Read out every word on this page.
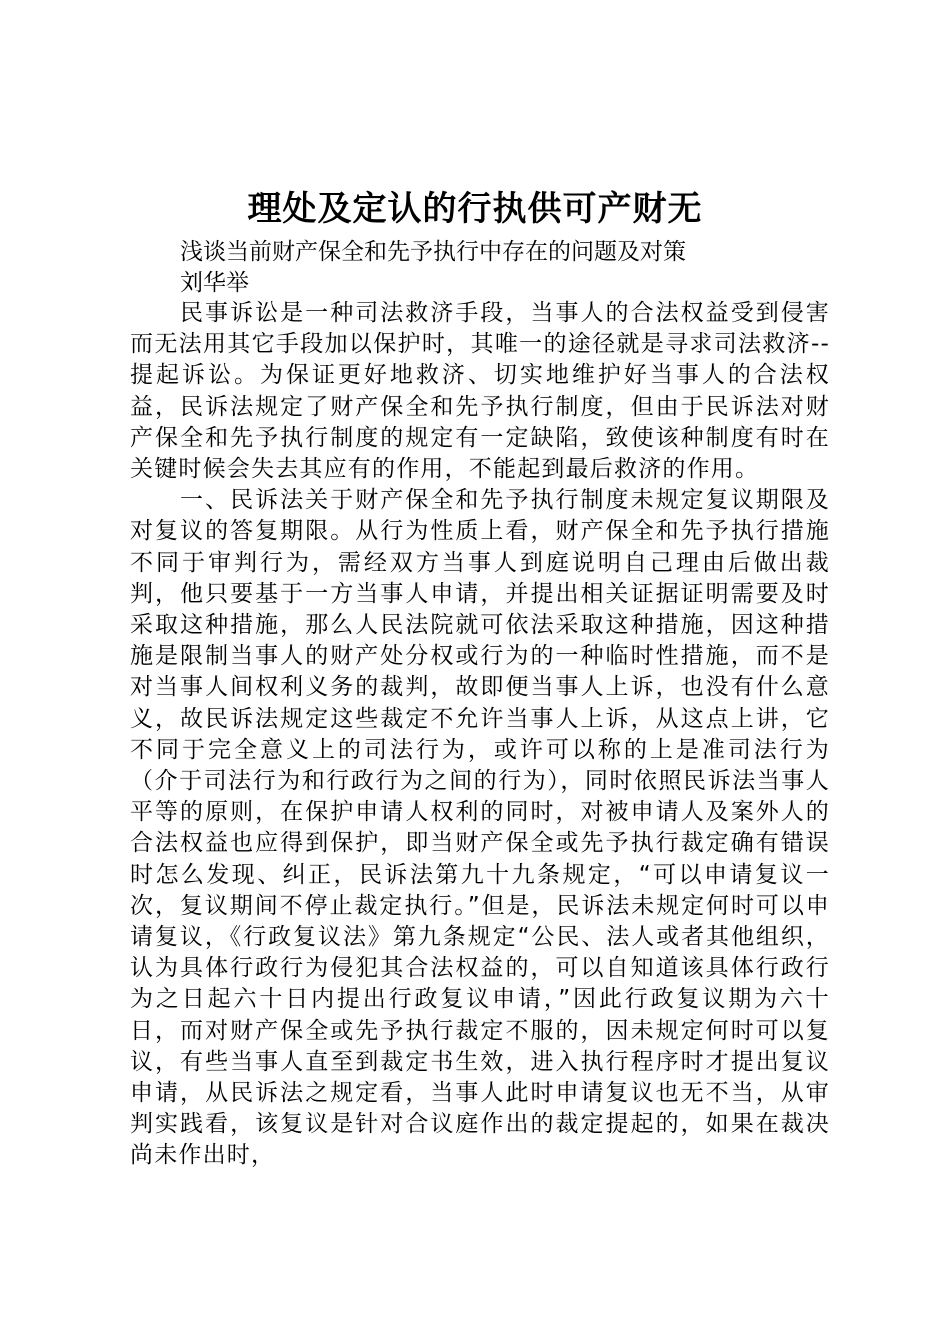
理处及定认的行执供可产财无

浅谈当前财产保全和先予执行中存在的问题及对策

刘华举

民事诉讼是一种司法救济手段，当事人的合法权益受到侵害而无法用其它手段加以保护时，其唯一的途径就是寻求司法救济--提起诉讼。为保证更好地救济、切实地维护好当事人的合法权益，民诉法规定了财产保全和先予执行制度，但由于民诉法对财产保全和先予执行制度的规定有一定缺陷，致使该种制度有时在关键时候会失去其应有的作用，不能起到最后救济的作用。

一、民诉法关于财产保全和先予执行制度未规定复议期限及对复议的答复期限。从行为性质上看，财产保全和先予执行措施不同于审判行为，需经双方当事人到庭说明自己理由后做出裁判，他只要基于一方当事人申请，并提出相关证据证明需要及时采取这种措施，那么人民法院就可依法采取这种措施，因这种措施是限制当事人的财产处分权或行为的一种临时性措施，而不是对当事人间权利义务的裁判，故即便当事人上诉，也没有什么意义，故民诉法规定这些裁定不允许当事人上诉，从这点上讲，它不同于完全意义上的司法行为，或许可以称的上是准司法行为（介于司法行为和行政行为之间的行为），同时依照民诉法当事人平等的原则，在保护申请人权利的同时，对被申请人及案外人的合法权益也应得到保护，即当财产保全或先予执行裁定确有错误时怎么发现、纠正，民诉法第九十九条规定，“可以申请复议一次，复议期间不停止裁定执行。”但是，民诉法未规定何时可以申请复议，《行政复议法》第九条规定“公民、法人或者其他组织，认为具体行政行为侵犯其合法权益的，可以自知道该具体行政行为之日起六十日内提出行政复议申请，”因此行政复议期为六十日，而对财产保全或先予执行裁定不服的，因未规定何时可以复议，有些当事人直至到裁定书生效，进入执行程序时才提出复议申请，从民诉法之规定看，当事人此时申请复议也无不当，从审判实践看，该复议是针对合议庭作出的裁定提起的，如果在裁决尚未作出时，
